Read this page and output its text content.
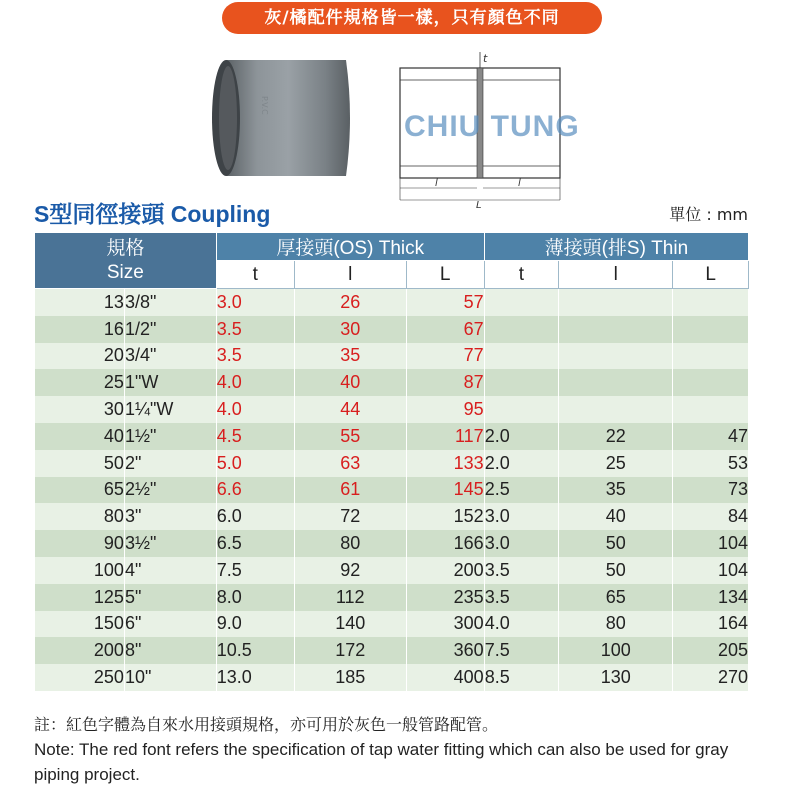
灰/橘配件規格皆一樣，只有顏色不同
P.V.C
t
l	l
L
CHIU TUNG
S型同徑接頭 Coupling	單位 : mm
規格
Size		厚接頭(OS) Thick			薄接頭(排S) Thin		
		t	l	L	t	l	L
13	3/8"	3.0	26	57			
16	1/2"	3.5	30	67			
20	3/4"	3.5	35	77			
25	1"W	4.0	40	87			
30	1¼"W	4.0	44	95			
40	1½"	4.5	55	117	2.0	22	47
50	2"	5.0	63	133	2.0	25	53
65	2½"	6.6	61	145	2.5	35	73
80	3"	6.0	72	152	3.0	40	84
90	3½"	6.5	80	166	3.0	50	104
100	4"	7.5	92	200	3.5	50	104
125	5"	8.0	112	235	3.5	65	134
150	6"	9.0	140	300	4.0	80	164
200	8"	10.5	172	360	7.5	100	205
250	10"	13.0	185	400	8.5	130	270
註：紅色字體為自來水用接頭規格，亦可用於灰色一般管路配管。
Note: The red font refers the specification of tap water fitting which can also be used for gray piping project.
